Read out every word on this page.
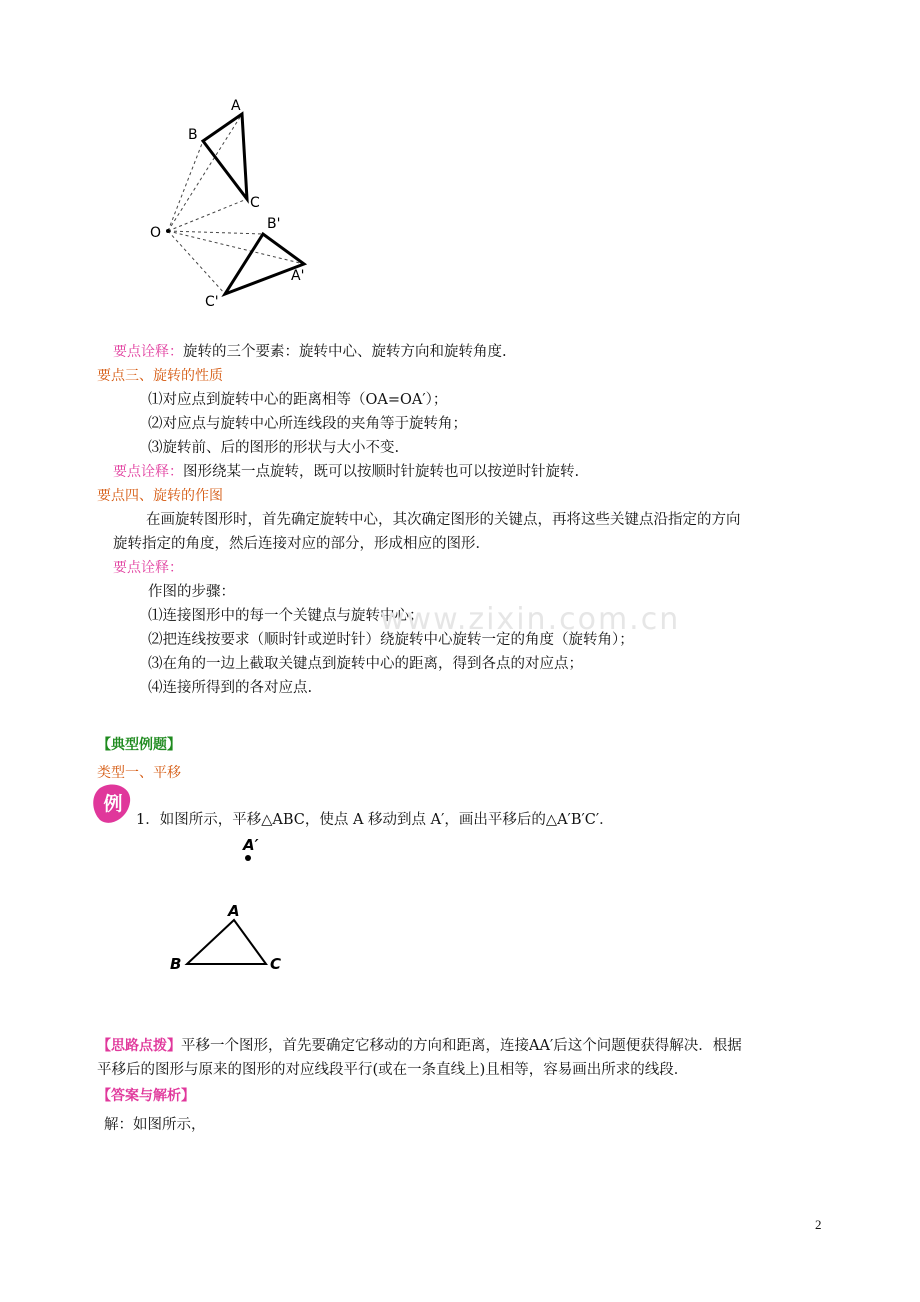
A
B
C
O
B'
A'
C'
要点诠释：旋转的三个要素：旋转中心、旋转方向和旋转角度.
要点三、旋转的性质
⑴对应点到旋转中心的距离相等（OA=OA′）；
⑵对应点与旋转中心所连线段的夹角等于旋转角；
⑶旋转前、后的图形的形状与大小不变.
要点诠释：图形绕某一点旋转，既可以按顺时针旋转也可以按逆时针旋转.
要点四、旋转的作图
在画旋转图形时，首先确定旋转中心，其次确定图形的关键点，再将这些关键点沿指定的方向
旋转指定的角度，然后连接对应的部分，形成相应的图形．
要点诠释：
作图的步骤：
⑴连接图形中的每一个关键点与旋转中心；
⑵把连线按要求（顺时针或逆时针）绕旋转中心旋转一定的角度（旋转角）；
⑶在角的一边上截取关键点到旋转中心的距离，得到各点的对应点；
⑷连接所得到的各对应点.
www.zixin.com.cn
【典型例题】
类型一、平移
例
1．如图所示，平移△ABC，使点 A 移动到点 A′，画出平移后的△A′B′C′．
A′
A
B	C
【思路点拨】平移一个图形，首先要确定它移动的方向和距离，连接AA′后这个问题便获得解决．根据
平移后的图形与原来的图形的对应线段平行(或在一条直线上)且相等，容易画出所求的线段．
【答案与解析】
解：如图所示，
2
